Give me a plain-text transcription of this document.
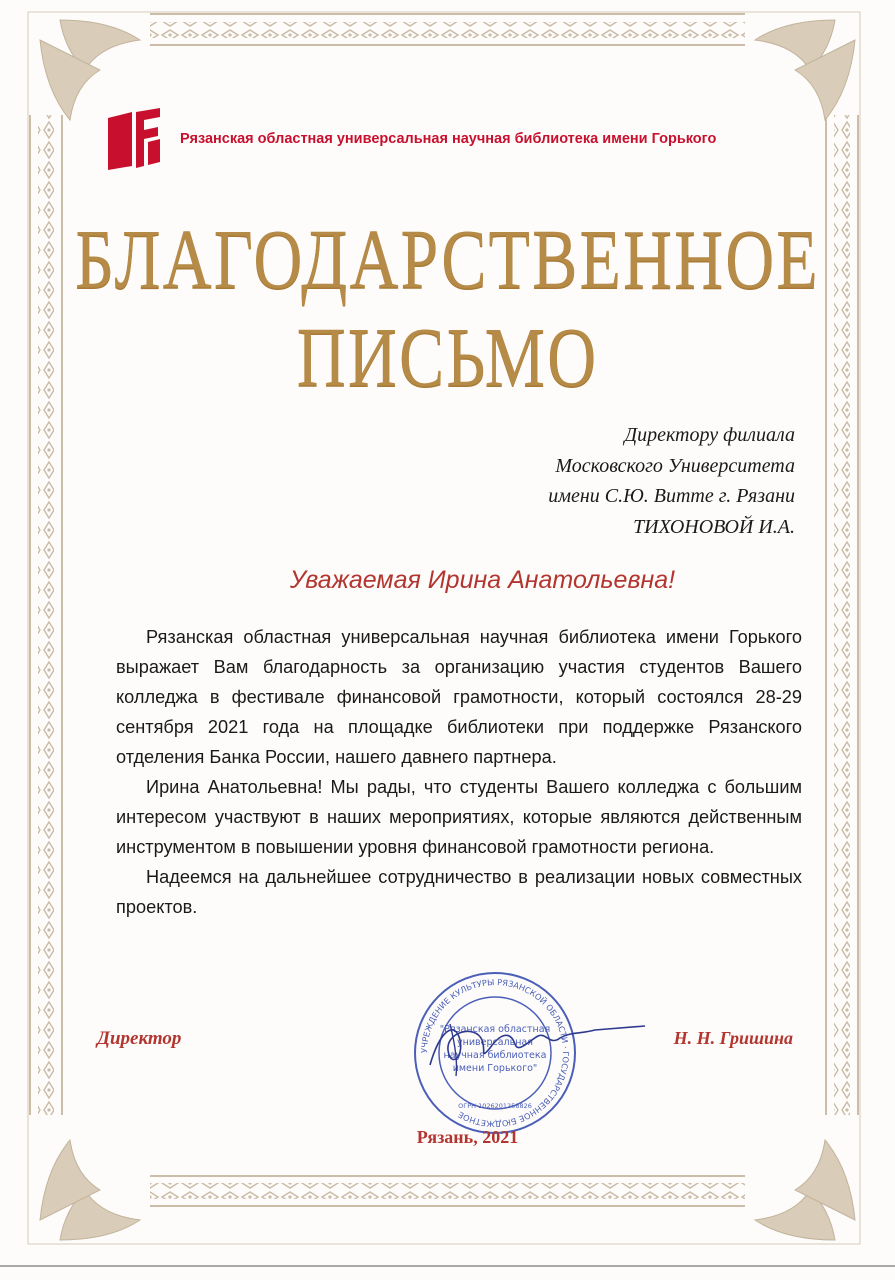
Рязанская областная универсальная научная библиотека имени Горького
БЛАГОДАРСТВЕННОЕ
ПИСЬМО
Директору филиала
Московского Университета
имени С.Ю. Витте г. Рязани
ТИХОНОВОЙ И.А.
Уважаемая Ирина Анатольевна!

Рязанская областная универсальная научная библиотека имени Горького выражает Вам благодарность за организацию участия студентов Вашего колледжа в фестивале финансовой грамотности, который состоялся 28-29 сентября 2021 года на площадке библиотеки при поддержке Рязанского отделения Банка России, нашего давнего партнера.

Ирина Анатольевна! Мы рады, что студенты Вашего колледжа с большим интересом участвуют в наших мероприятиях, которые являются действенным инструментом в повышении уровня финансовой грамотности региона.

Надеемся на дальнейшее сотрудничество в реализации новых совместных проектов.

УЧРЕЖДЕНИЕ КУЛЬТУРЫ РЯЗАНСКОЙ ОБЛАСТИ · ГОСУДАРСТВЕННОЕ БЮДЖЕТНОЕ
"Рязанская областная
универсальная
научная библиотека
имени Горького"
ОГРН 1026201258826
Директор	Н. Н. Гришина
Рязань, 2021
